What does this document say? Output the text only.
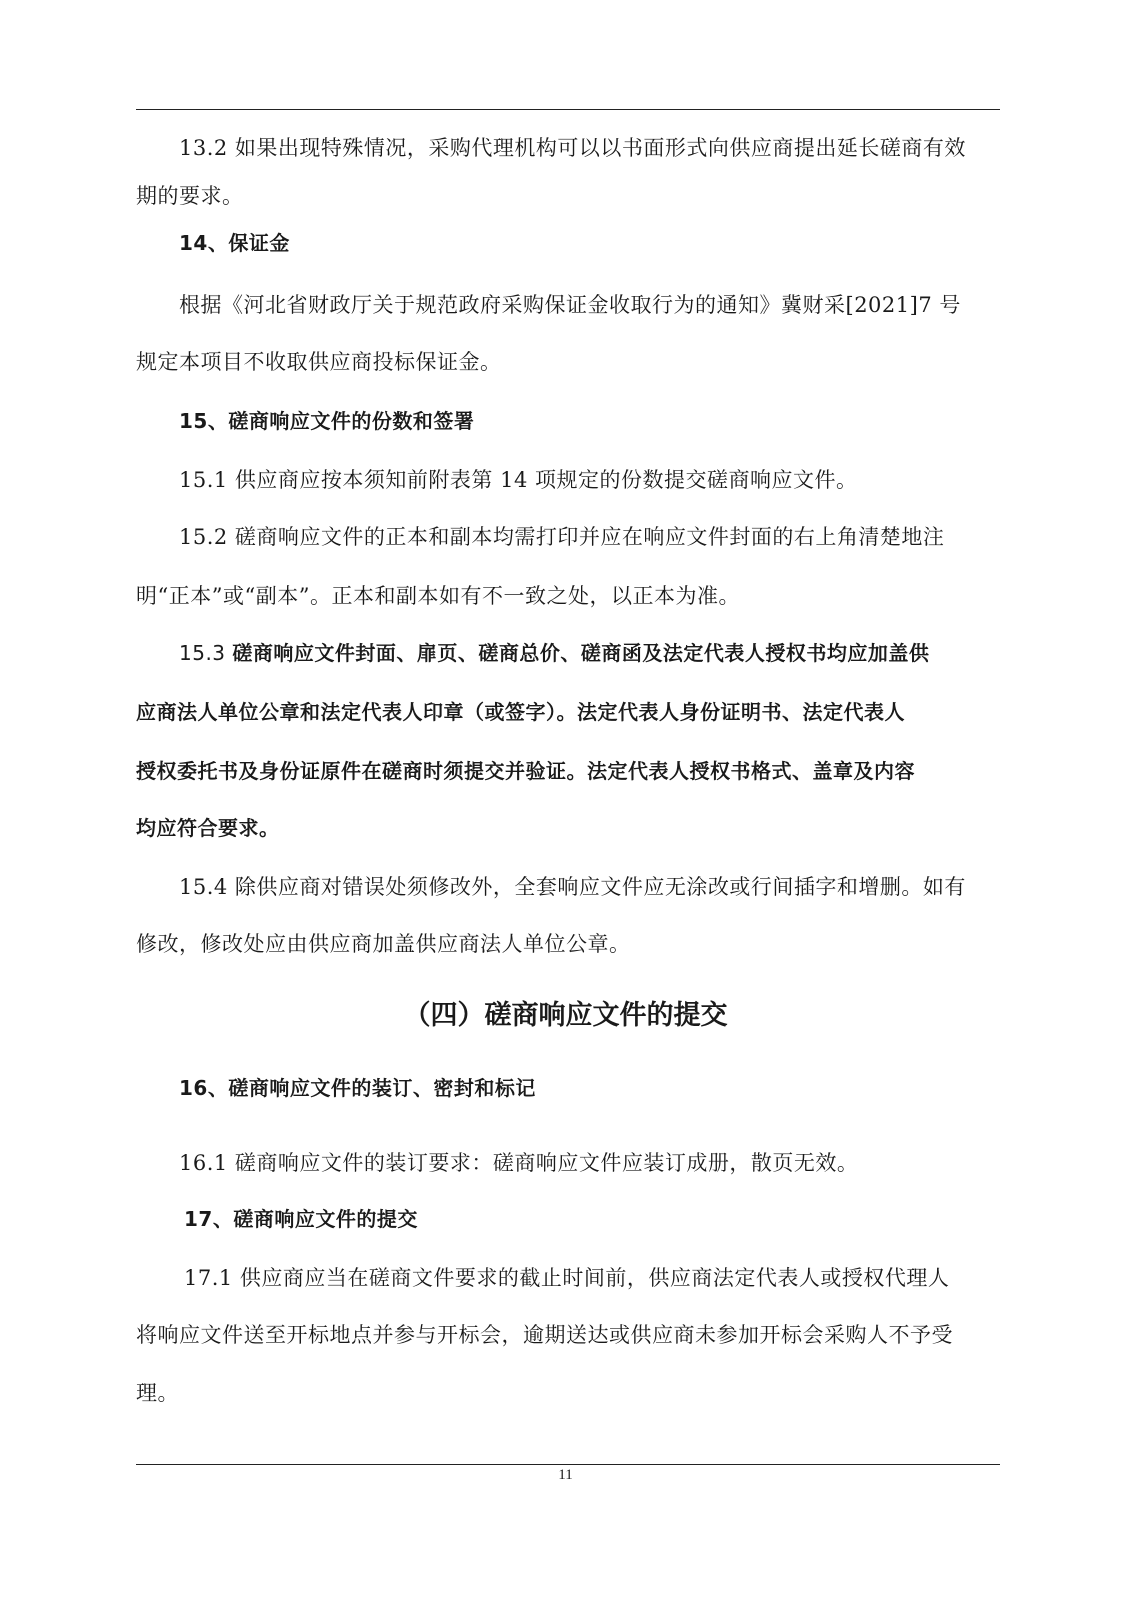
13.2 如果出现特殊情况，采购代理机构可以以书面形式向供应商提出延长磋商有效
期的要求。
14、保证金
根据《河北省财政厅关于规范政府采购保证金收取行为的通知》冀财采[2021]7 号
规定本项目不收取供应商投标保证金。
15、磋商响应文件的份数和签署
15.1 供应商应按本须知前附表第 14 项规定的份数提交磋商响应文件。
15.2 磋商响应文件的正本和副本均需打印并应在响应文件封面的右上角清楚地注
明“正本”或“副本”。正本和副本如有不一致之处，以正本为准。
15.3 磋商响应文件封面、扉页、磋商总价、磋商函及法定代表人授权书均应加盖供
应商法人单位公章和法定代表人印章（或签字）。法定代表人身份证明书、法定代表人
授权委托书及身份证原件在磋商时须提交并验证。法定代表人授权书格式、盖章及内容
均应符合要求。
15.4 除供应商对错误处须修改外，全套响应文件应无涂改或行间插字和增删。如有
修改，修改处应由供应商加盖供应商法人单位公章。
（四）磋商响应文件的提交
16、磋商响应文件的装订、密封和标记
16.1 磋商响应文件的装订要求：磋商响应文件应装订成册，散页无效。
17、磋商响应文件的提交
17.1 供应商应当在磋商文件要求的截止时间前，供应商法定代表人或授权代理人
将响应文件送至开标地点并参与开标会，逾期送达或供应商未参加开标会采购人不予受
理。
11
